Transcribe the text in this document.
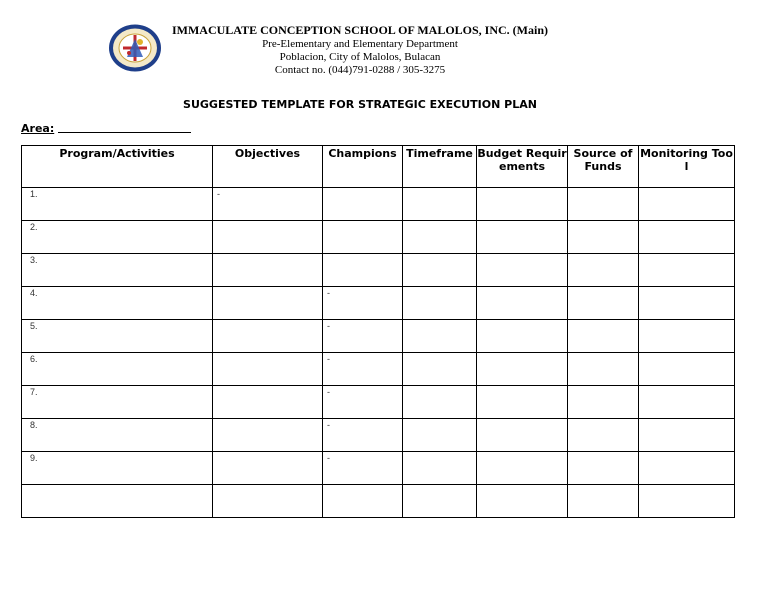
IMMACULATE CONCEPTION SCHOOL OF MALOLOS, INC. (Main)
Pre-Elementary and Elementary Department
Poblacion, City of Malolos, Bulacan
Contact no. (044)791-0288 / 305-3275
SUGGESTED TEMPLATE FOR STRATEGIC EXECUTION PLAN
Area:
Program/Activities	Objectives	Champions	Timeframe	Budget Requirements	Source of Funds	Monitoring Tool

1.	-					

2.						

3.						

4.		-				

5.		-				

6.		-				

7.		-				

8.		-				

9.		-				
